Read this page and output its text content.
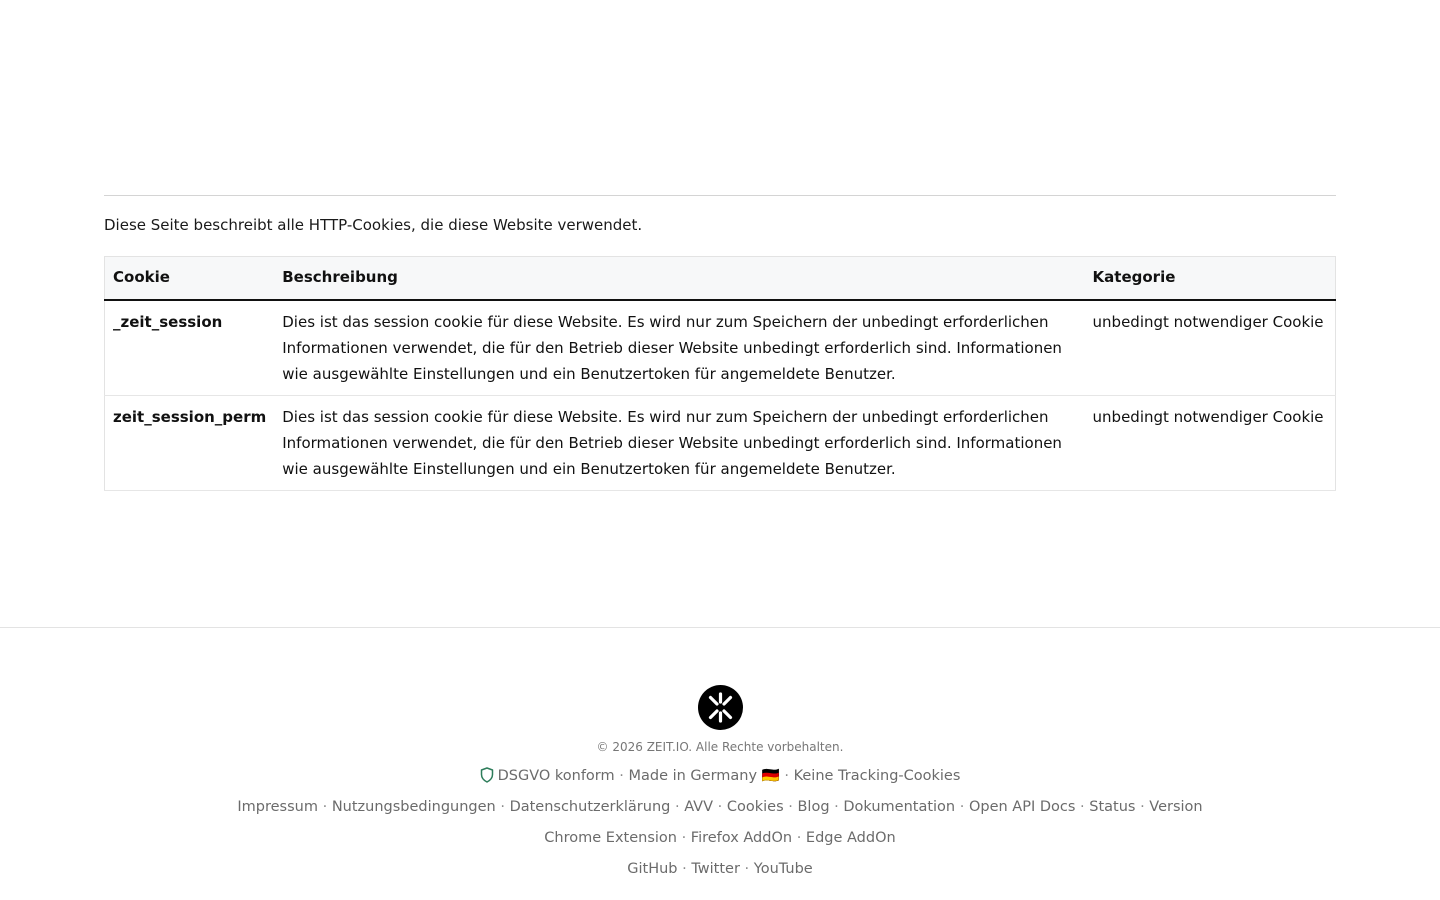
Diese Seite beschreibt alle HTTP-Cookies, die diese Website verwendet.

Cookie	Beschreibung	Kategorie
_zeit_session	Dies ist das session cookie für diese Website. Es wird nur zum Speichern der unbedingt erforderlichen Informationen verwendet, die für den Betrieb dieser Website unbedingt erforderlich sind. Informationen wie ausgewählte Einstellungen und ein Benutzertoken für angemeldete Benutzer.	unbedingt notwendiger Cookie
zeit_session_perm	Dies ist das session cookie für diese Website. Es wird nur zum Speichern der unbedingt erforderlichen Informationen verwendet, die für den Betrieb dieser Website unbedingt erforderlich sind. Informationen wie ausgewählte Einstellungen und ein Benutzertoken für angemeldete Benutzer.	unbedingt notwendiger Cookie
© 2026 ZEIT.IO. Alle Rechte vorbehalten.
DSGVO konform · Made in Germany 🇩🇪 · Keine Tracking-Cookies
Impressum · Nutzungsbedingungen · Datenschutzerklärung · AVV · Cookies · Blog · Dokumentation · Open API Docs · Status · Version
Chrome Extension · Firefox AddOn · Edge AddOn
GitHub · Twitter · YouTube
